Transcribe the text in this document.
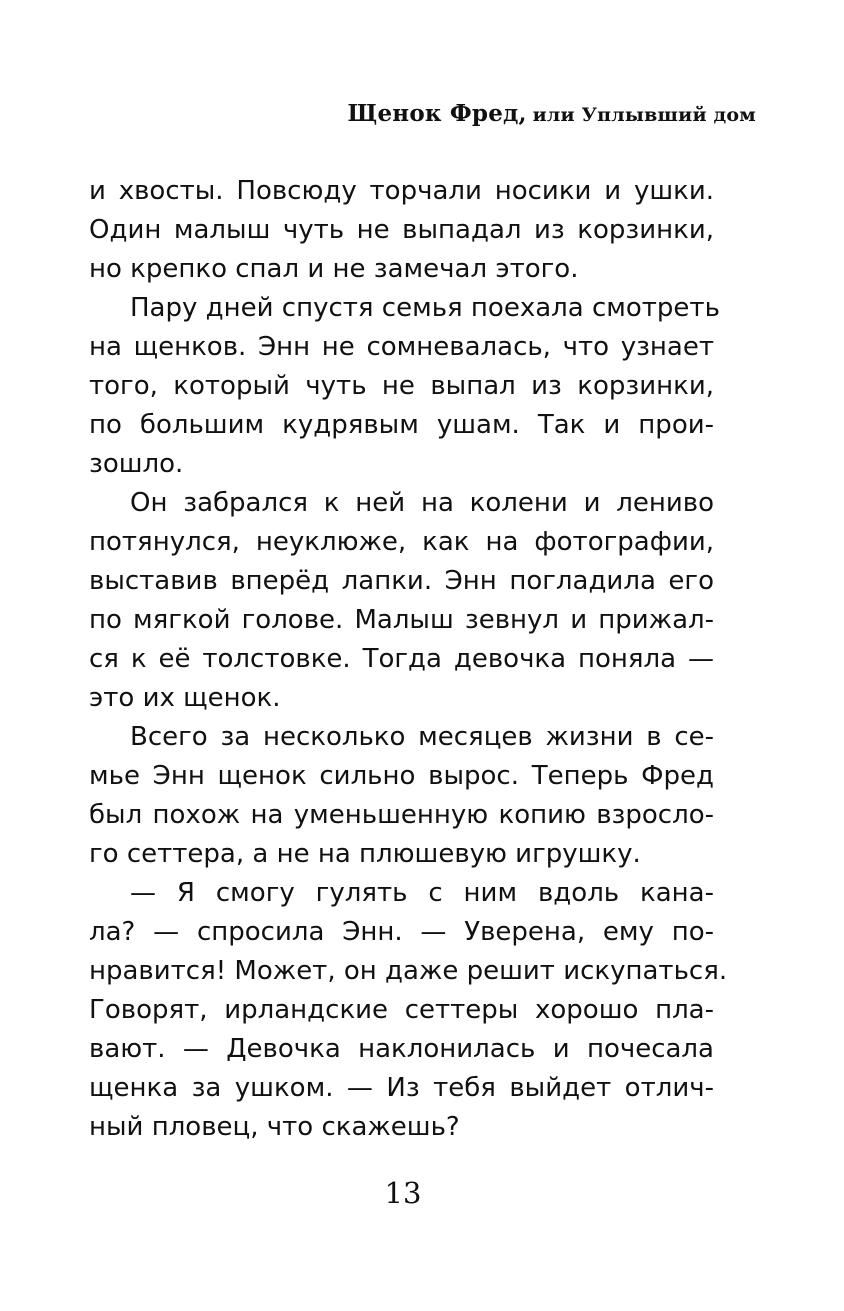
Щенок Фред, или Уплывший дом
и хвосты. Повсюду торчали носики и ушки.
Один малыш чуть не выпадал из корзинки,
но крепко спал и не замечал этого.
Пару дней спустя семья поехала смотреть
на щенков. Энн не сомневалась, что узнает
того, который чуть не выпал из корзинки,
по большим кудрявым ушам. Так и прои-
зошло.
Он забрался к ней на колени и лениво
потянулся, неуклюже, как на фотографии,
выставив вперёд лапки. Энн погладила его
по мягкой голове. Малыш зевнул и прижал-
ся к её толстовке. Тогда девочка поняла —
это их щенок.
Всего за несколько месяцев жизни в се-
мье Энн щенок сильно вырос. Теперь Фред
был похож на уменьшенную копию взросло-
го сеттера, а не на плюшевую игрушку.
— Я смогу гулять с ним вдоль кана-
ла? — спросила Энн. — Уверена, ему по-
нравится! Может, он даже решит искупаться.
Говорят, ирландские сеттеры хорошо пла-
вают. — Девочка наклонилась и почесала
щенка за ушком. — Из тебя выйдет отлич-
ный пловец, что скажешь?
13
